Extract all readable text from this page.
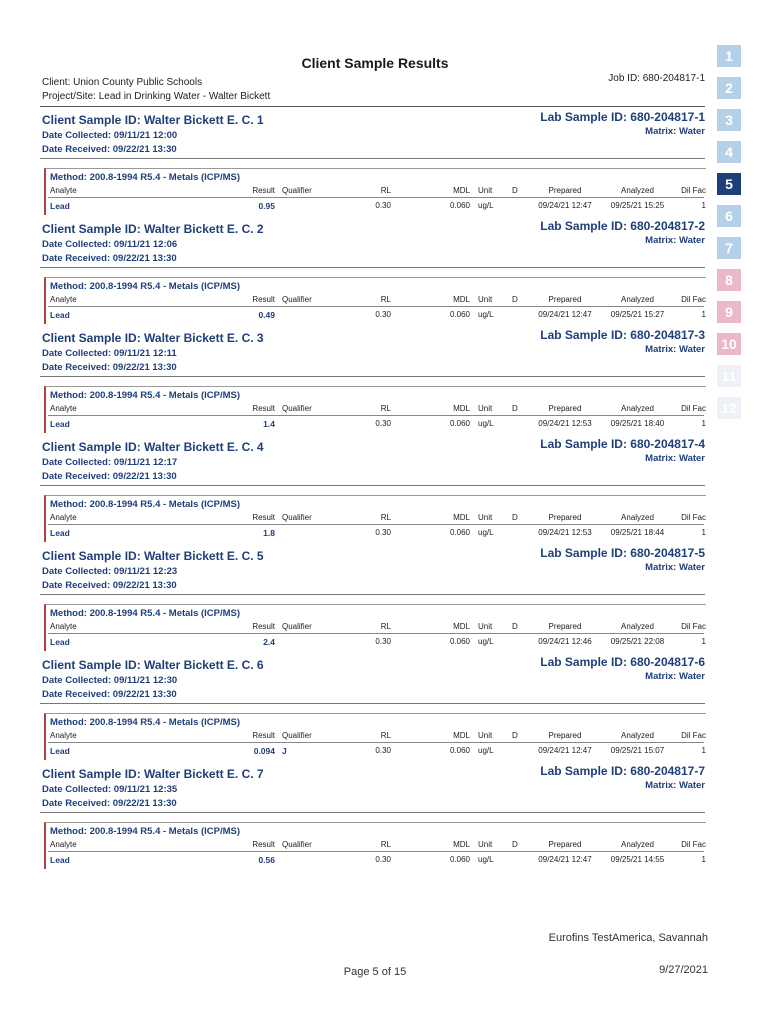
Client Sample Results
Client: Union County Public Schools
Project/Site: Lead in Drinking Water - Walter Bickett
Job ID: 680-204817-1
Client Sample ID: Walter Bickett E. C. 1	Lab Sample ID: 680-204817-1
Matrix: Water
Date Collected: 09/11/21 12:00
Date Received: 09/22/21 13:30
Method: 200.8-1994 R5.4 - Metals (ICP/MS)
Analyte	Result Qualifier	RL	MDL Unit	D	Prepared	Analyzed	Dil Fac
Lead	0.95	0.30	0.060 ug/L	09/24/21 12:47	09/25/21 15:25	1
Client Sample ID: Walter Bickett E. C. 2	Lab Sample ID: 680-204817-2
Matrix: Water
Date Collected: 09/11/21 12:06
Date Received: 09/22/21 13:30
Method: 200.8-1994 R5.4 - Metals (ICP/MS)
Analyte	Result Qualifier	RL	MDL Unit	D	Prepared	Analyzed	Dil Fac
Lead	0.49	0.30	0.060 ug/L	09/24/21 12:47	09/25/21 15:27	1
Client Sample ID: Walter Bickett E. C. 3	Lab Sample ID: 680-204817-3
Matrix: Water
Date Collected: 09/11/21 12:11
Date Received: 09/22/21 13:30
Method: 200.8-1994 R5.4 - Metals (ICP/MS)
Analyte	Result Qualifier	RL	MDL Unit	D	Prepared	Analyzed	Dil Fac
Lead	1.4	0.30	0.060 ug/L	09/24/21 12:53	09/25/21 18:40	1
Client Sample ID: Walter Bickett E. C. 4	Lab Sample ID: 680-204817-4
Matrix: Water
Date Collected: 09/11/21 12:17
Date Received: 09/22/21 13:30
Method: 200.8-1994 R5.4 - Metals (ICP/MS)
Analyte	Result Qualifier	RL	MDL Unit	D	Prepared	Analyzed	Dil Fac
Lead	1.8	0.30	0.060 ug/L	09/24/21 12:53	09/25/21 18:44	1
Client Sample ID: Walter Bickett E. C. 5	Lab Sample ID: 680-204817-5
Matrix: Water
Date Collected: 09/11/21 12:23
Date Received: 09/22/21 13:30
Method: 200.8-1994 R5.4 - Metals (ICP/MS)
Analyte	Result Qualifier	RL	MDL Unit	D	Prepared	Analyzed	Dil Fac
Lead	2.4	0.30	0.060 ug/L	09/24/21 12:46	09/25/21 22:08	1
Client Sample ID: Walter Bickett E. C. 6	Lab Sample ID: 680-204817-6
Matrix: Water
Date Collected: 09/11/21 12:30
Date Received: 09/22/21 13:30
Method: 200.8-1994 R5.4 - Metals (ICP/MS)
Analyte	Result Qualifier	RL	MDL Unit	D	Prepared	Analyzed	Dil Fac
Lead	0.094 J	0.30	0.060 ug/L	09/24/21 12:47	09/25/21 15:07	1
Client Sample ID: Walter Bickett E. C. 7	Lab Sample ID: 680-204817-7
Matrix: Water
Date Collected: 09/11/21 12:35
Date Received: 09/22/21 13:30
Method: 200.8-1994 R5.4 - Metals (ICP/MS)
Analyte	Result Qualifier	RL	MDL Unit	D	Prepared	Analyzed	Dil Fac
Lead	0.56	0.30	0.060 ug/L	09/24/21 12:47	09/25/21 14:55	1
1
2
3
4
5
6
7
8
9
10
11
12
Eurofins TestAmerica, Savannah
Page 5 of 15	9/27/2021
